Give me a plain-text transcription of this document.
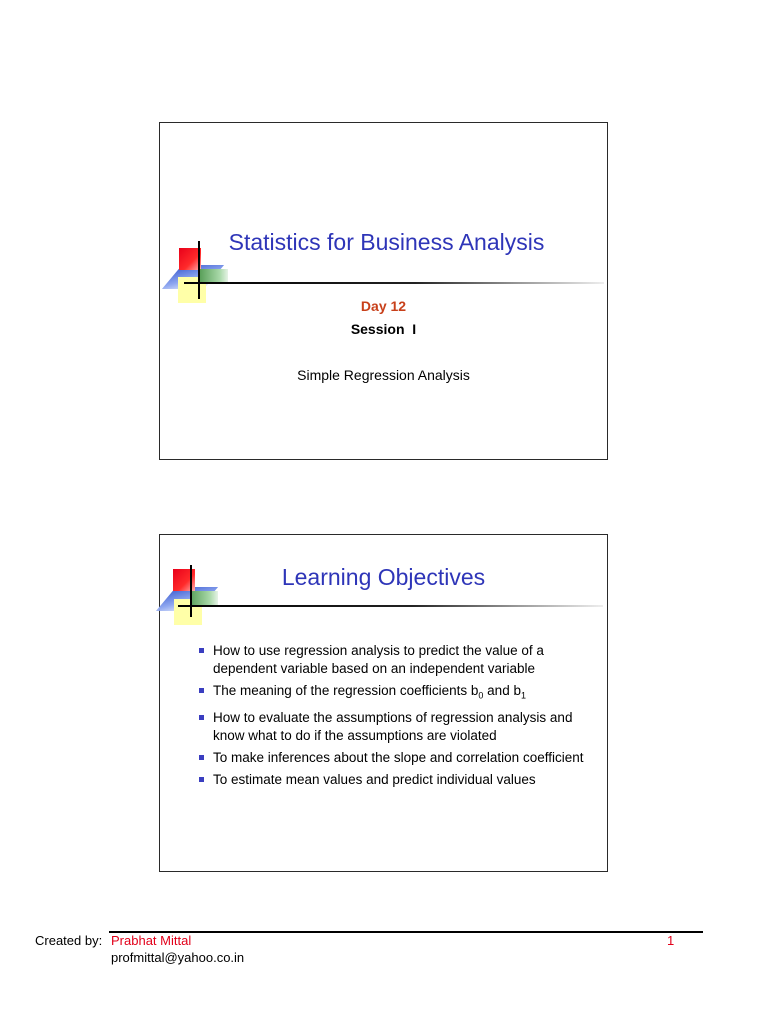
Statistics for Business Analysis
Day 12
Session  I
Simple Regression Analysis
Learning Objectives
How to use regression analysis to predict the value of a dependent variable based on an independent variable
The meaning of the regression coefficients $b_0$ and $b_1$
How to evaluate the assumptions of regression analysis and know what to do if the assumptions are violated
To make inferences about the slope and correlation coefficient
To estimate mean values and predict individual values
Created by: Prabhat Mittal
profmittal@yahoo.co.in
1
